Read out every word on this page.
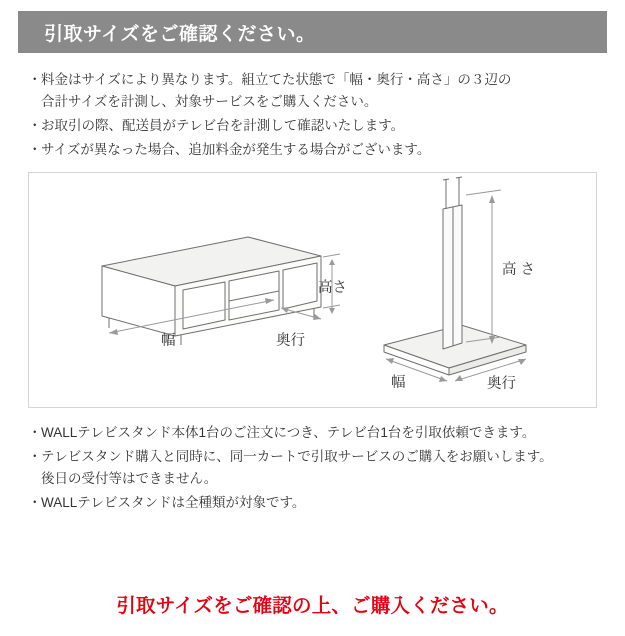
引取サイズをご確認ください。
・ 料金はサイズにより異なります。組立てた状態で「幅・奥行・高さ」の３辺の
合計サイズを計測し、対象サービスをご購入ください。
・ お取引の際、配送員がテレビ台を計測して確認いたします。
・ サイズが異なった場合、追加料金が発生する場合がございます。
高さ
幅	奥行
高 さ
幅	奥行
・ WALLテレビスタンド本体1台のご注文につき、テレビ台1台を引取依頼できます。
・ テレビスタンド購入と同時に、同一カートで引取サービスのご購入をお願いします。
後日の受付等はできません。
・ WALLテレビスタンドは全種類が対象です。
引取サイズをご確認の上、ご購入ください。
